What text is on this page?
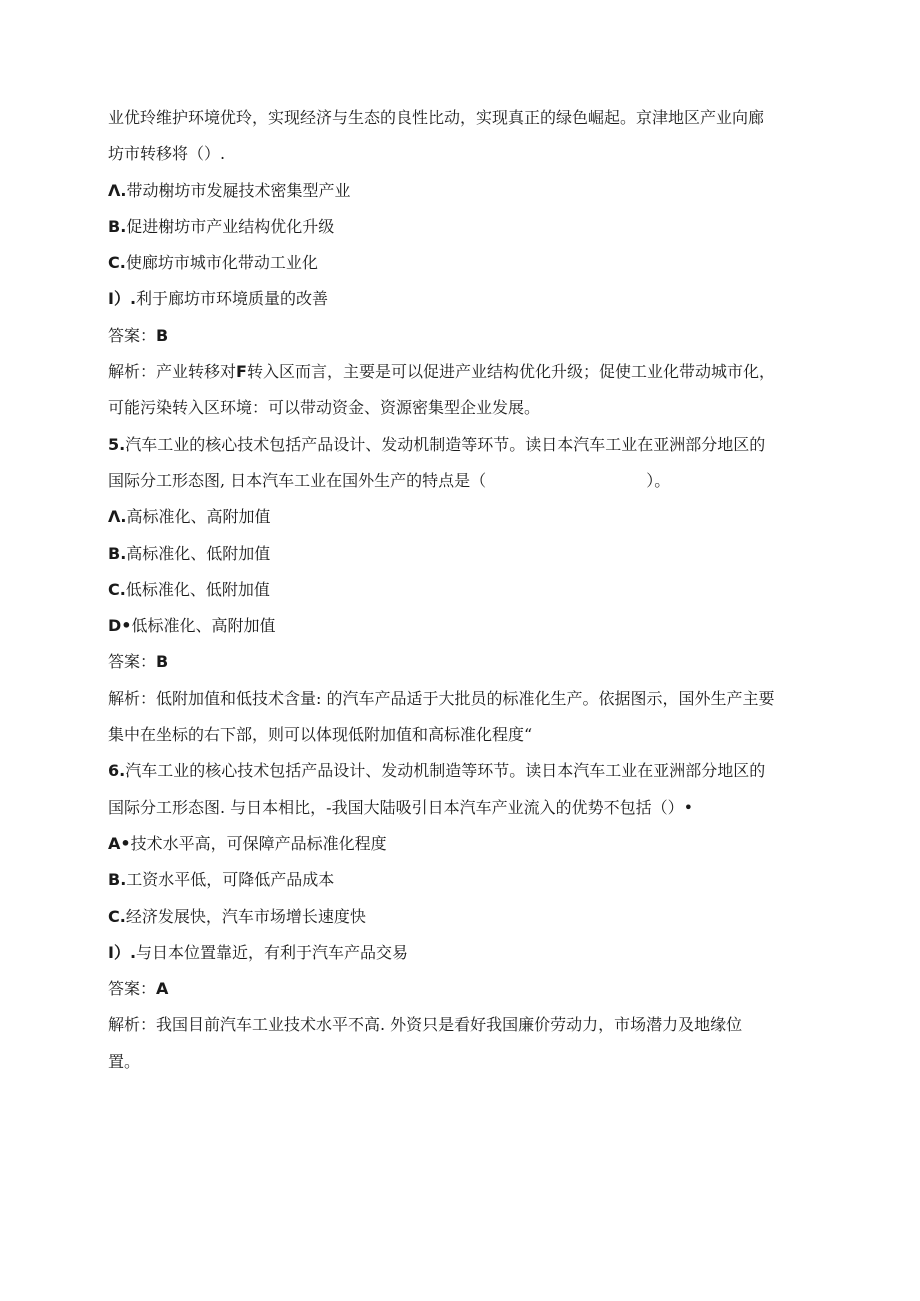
业优玲维护环境优玲，实现经济与生态的良性比动，实现真正的绿色崛起。京津地区产业向廊
坊市转移将（）.
Λ.带动榭坊市发屣技术密集型产业
B.促进榭坊市产业结构优化升级
C.使廊坊市城市化带动工业化
I）.利于廊坊市环境质量的改善
答案：B
解析：产业转移对F转入区而言，主要是可以促进产业结构优化升级；促使工业化带动城市化，
可能污染转入区环境：可以带动资金、资源密集型企业发展。
5.汽车工业的核心技术包括产品设计、发动机制造等环节。读日本汽车工业在亚洲部分地区的
国际分工形态图, 日本汽车工业在国外生产的特点是（	）。
Λ.高标准化、高附加值
B.高标准化、低附加值
C.低标准化、低附加值
D•低标准化、高附加值
答案：B
解析：低附加值和低技术含量: 的汽车产品适于大批员的标准化生产。依据图示，国外生产主要
集中在坐标的右下部，则可以体现低附加值和高标准化程度“
6.汽车工业的核心技术包括产品设计、发动机制造等环节。读日本汽车工业在亚洲部分地区的
国际分工形态图. 与日本相比，-我国大陆吸引日本汽车产业流入的优势不包括（）•
A•技术水平高，可保障产品标准化程度
B.工资水平低，可降低产品成本
C.经济发展快，汽车市场增长速度快
I）.与日本位置靠近，有利于汽车产品交易
答案：A
解析：我国目前汽车工业技术水平不高. 外资只是看好我国廉价劳动力，市场潜力及地缘位
置。
